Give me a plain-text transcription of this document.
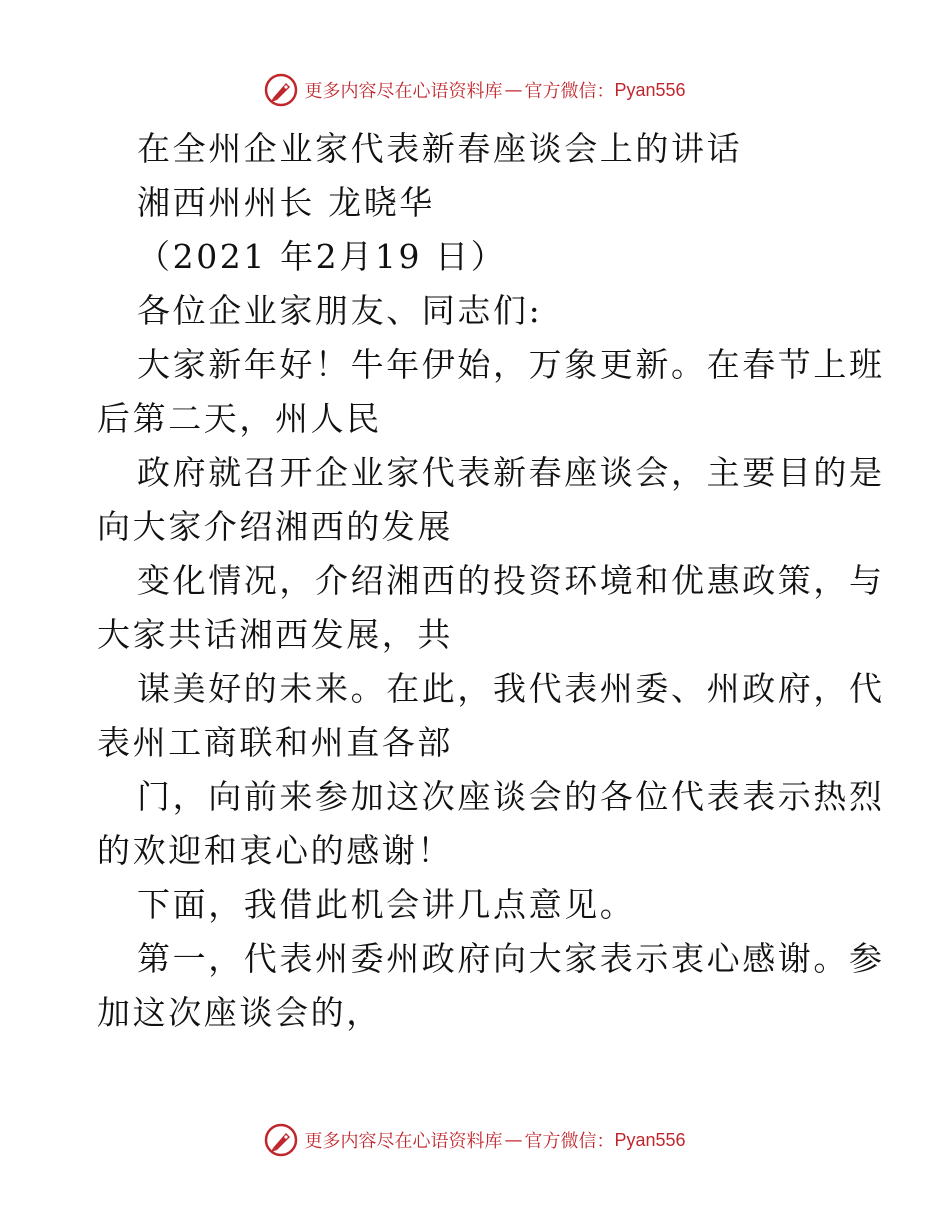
更多内容尽在心语资料库 — 官方微信： Pyan556

在全州企业家代表新春座谈会上的讲话

湘西州州长 龙晓华

（2021 年2月19 日）

各位企业家朋友、同志们:

大家新年好！牛年伊始，万象更新。在春节上班

后第二天，州人民

政府就召开企业家代表新春座谈会，主要目的是

向大家介绍湘西的发展

变化情况，介绍湘西的投资环境和优惠政策，与

大家共话湘西发展，共

谋美好的未来。在此，我代表州委、州政府，代

表州工商联和州直各部

门，向前来参加这次座谈会的各位代表表示热烈

的欢迎和衷心的感谢！

下面，我借此机会讲几点意见。

第一，代表州委州政府向大家表示衷心感谢。参

加这次座谈会的，

更多内容尽在心语资料库 — 官方微信： Pyan556
